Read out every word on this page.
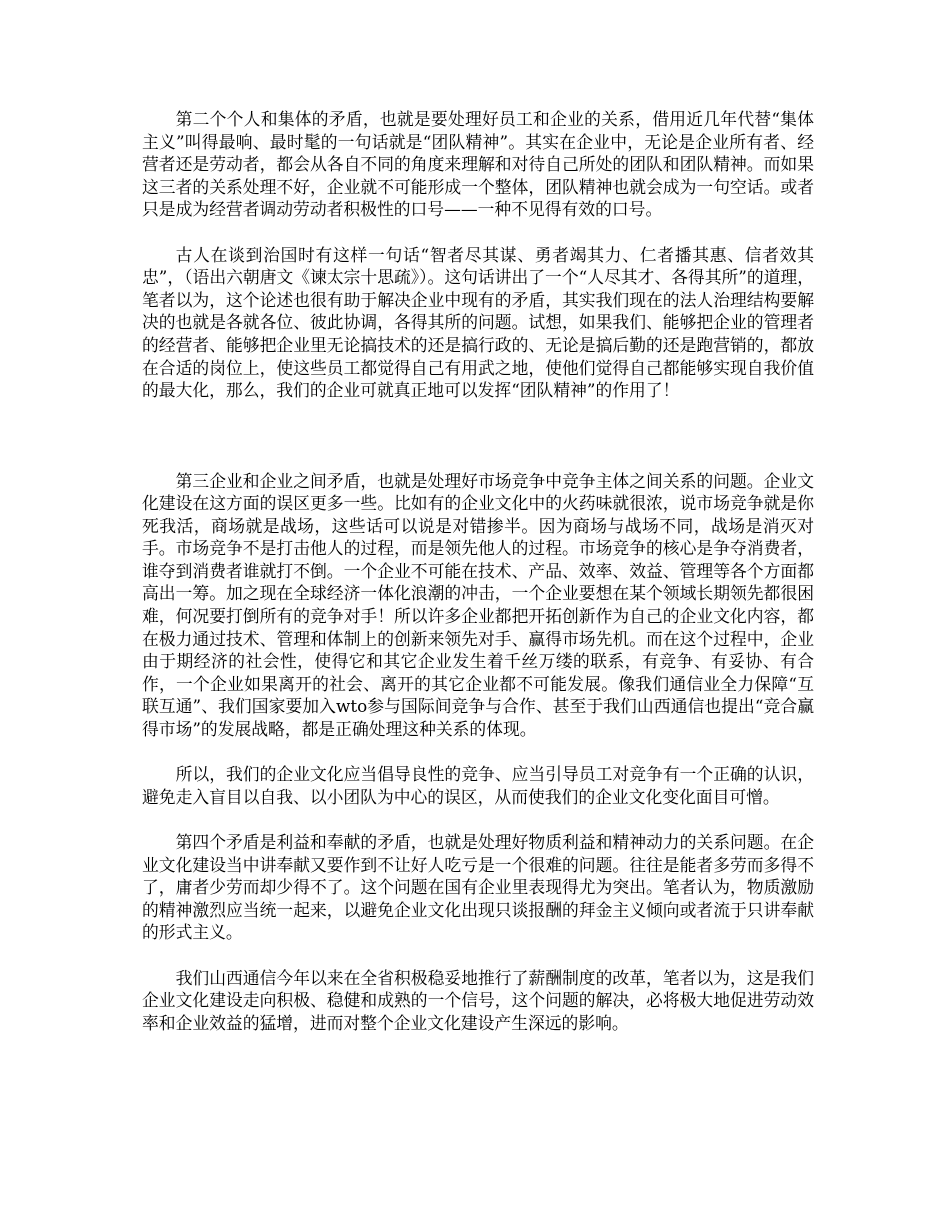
第二个个人和集体的矛盾，也就是要处理好员工和企业的关系，借用近几年代替“集体主义”叫得最响、最时髦的一句话就是“团队精神”。其实在企业中，无论是企业所有者、经营者还是劳动者，都会从各自不同的角度来理解和对待自己所处的团队和团队精神。而如果这三者的关系处理不好，企业就不可能形成一个整体，团队精神也就会成为一句空话。或者只是成为经营者调动劳动者积极性的口号——一种不见得有效的口号。

古人在谈到治国时有这样一句话“智者尽其谋、勇者竭其力、仁者播其惠、信者效其忠”，（语出六朝唐文《谏太宗十思疏》）。这句话讲出了一个“人尽其才、各得其所”的道理，笔者以为，这个论述也很有助于解决企业中现有的矛盾，其实我们现在的法人治理结构要解决的也就是各就各位、彼此协调，各得其所的问题。试想，如果我们、能够把企业的管理者的经营者、能够把企业里无论搞技术的还是搞行政的、无论是搞后勤的还是跑营销的，都放在合适的岗位上，使这些员工都觉得自己有用武之地，使他们觉得自己都能够实现自我价值的最大化，那么，我们的企业可就真正地可以发挥“团队精神”的作用了！

第三企业和企业之间矛盾，也就是处理好市场竞争中竞争主体之间关系的问题。企业文化建设在这方面的误区更多一些。比如有的企业文化中的火药味就很浓，说市场竞争就是你死我活，商场就是战场，这些话可以说是对错掺半。因为商场与战场不同，战场是消灭对手。市场竞争不是打击他人的过程，而是领先他人的过程。市场竞争的核心是争夺消费者，谁夺到消费者谁就打不倒。一个企业不可能在技术、产品、效率、效益、管理等各个方面都高出一筹。加之现在全球经济一体化浪潮的冲击，一个企业要想在某个领域长期领先都很困难，何况要打倒所有的竞争对手！所以许多企业都把开拓创新作为自己的企业文化内容，都在极力通过技术、管理和体制上的创新来领先对手、赢得市场先机。而在这个过程中，企业由于期经济的社会性，使得它和其它企业发生着千丝万缕的联系，有竞争、有妥协、有合作，一个企业如果离开的社会、离开的其它企业都不可能发展。像我们通信业全力保障“互联互通”、我们国家要加入wto参与国际间竞争与合作、甚至于我们山西通信也提出“竞合赢得市场”的发展战略，都是正确处理这种关系的体现。

所以，我们的企业文化应当倡导良性的竞争、应当引导员工对竞争有一个正确的认识，避免走入盲目以自我、以小团队为中心的误区，从而使我们的企业文化变化面目可憎。

第四个矛盾是利益和奉献的矛盾，也就是处理好物质利益和精神动力的关系问题。在企业文化建设当中讲奉献又要作到不让好人吃亏是一个很难的问题。往往是能者多劳而多得不了，庸者少劳而却少得不了。这个问题在国有企业里表现得尤为突出。笔者认为，物质激励的精神激烈应当统一起来，以避免企业文化出现只谈报酬的拜金主义倾向或者流于只讲奉献的形式主义。

我们山西通信今年以来在全省积极稳妥地推行了薪酬制度的改革，笔者以为，这是我们企业文化建设走向积极、稳健和成熟的一个信号，这个问题的解决，必将极大地促进劳动效率和企业效益的猛增，进而对整个企业文化建设产生深远的影响。
